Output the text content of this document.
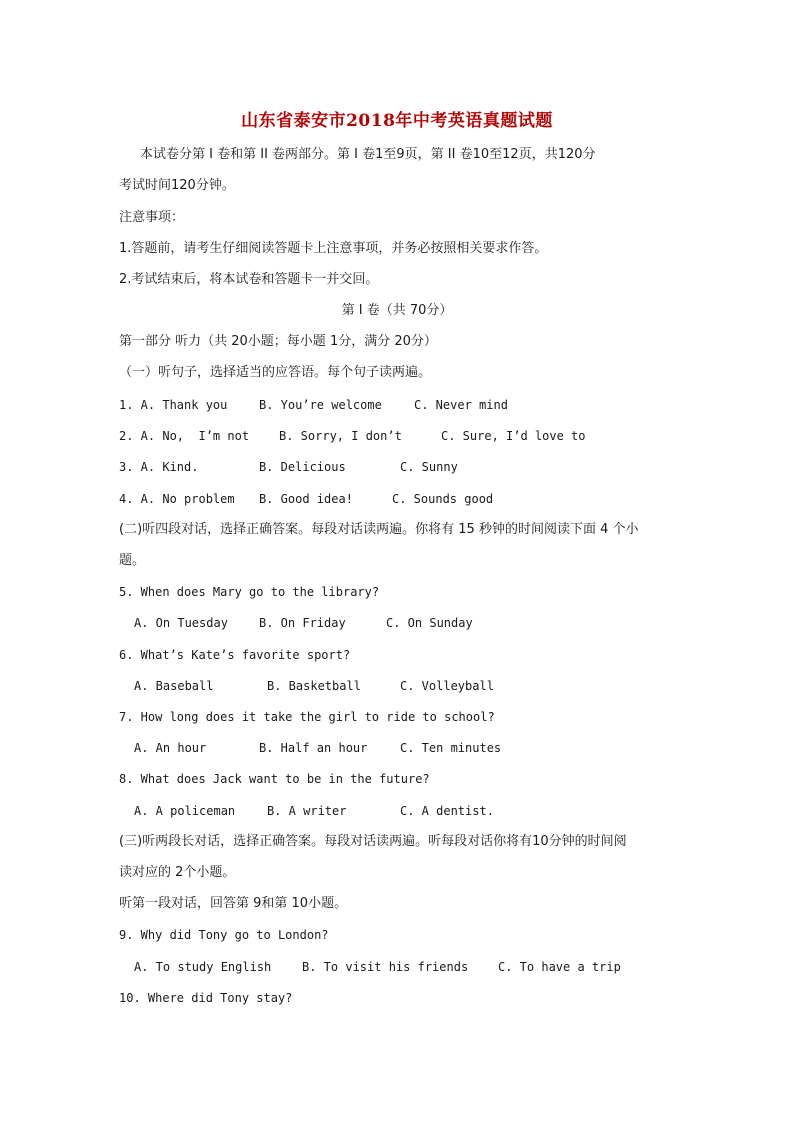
山东省泰安市2018年中考英语真题试题
本试卷分第 I 卷和第 II 卷两部分。第 I 卷1至9页，第 II 卷10至12页，共120分
考试时间120分钟。
注意事项：
1.答题前，请考生仔细阅读答题卡上注意事项，并务必按照相关要求作答。
2.考试结束后，将本试卷和答题卡一并交回。
第 I 卷（共 70分）
第一部分 听力（共 20小题；每小题 1分，满分 20分）
（一）听句子，选择适当的应答语。每个句子读两遍。
1. A. Thank you	B. You’re welcome	C. Never mind
2. A. No,  I’m not B. Sorry, I don’t	C. Sure, I’d love to
3. A. Kind.	B. Delicious	C. Sunny
4. A. No problem B. Good idea!	C. Sounds good
(二)听四段对话，选择正确答案。每段对话读两遍。你将有 15 秒钟的时间阅读下面 4 个小
题。
5. When does Mary go to the library?
A. On Tuesday	B. On Friday	C. On Sunday
6. What’s Kate’s favorite sport?
A. Baseball	B. Basketball	C. Volleyball
7. How long does it take the girl to ride to school?
A. An hour	B. Half an hour	C. Ten minutes
8. What does Jack want to be in the future?
A. A policeman	B. A writer	C. A dentist.
(三)听两段长对话，选择正确答案。每段对话读两遍。听每段对话你将有10分钟的时间阅
读对应的 2个小题。
听第一段对话，回答第 9和第 10小题。
9. Why did Tony go to London?
A. To study English	B. To visit his friends C. To have a trip
10. Where did Tony stay?
